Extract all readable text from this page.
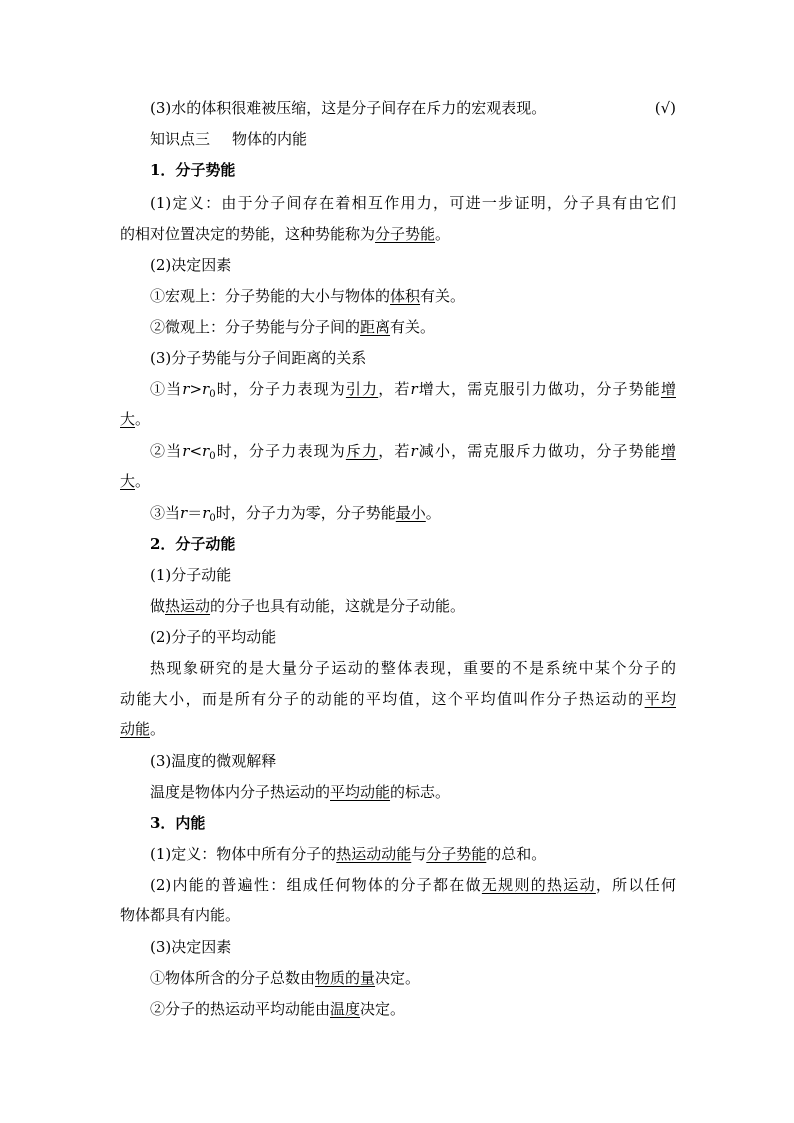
(3)水的体积很难被压缩，这是分子间存在斥力的宏观表现。	(√)
知识点三 物体的内能
1．分子势能
(1)定义：由于分子间存在着相互作用力，可进一步证明，分子具有由它们
的相对位置决定的势能，这种势能称为分子势能。
(2)决定因素
①宏观上：分子势能的大小与物体的体积有关。
②微观上：分子势能与分子间的距离有关。
(3)分子势能与分子间距离的关系
①当$r>r_0$时，分子力表现为引力，若r增大，需克服引力做功，分子势能增
大。
②当$r<r_0$时，分子力表现为斥力，若r减小，需克服斥力做功，分子势能增
大。
③当$r=r_0$时，分子力为零，分子势能最小。
2．分子动能
(1)分子动能
做热运动的分子也具有动能，这就是分子动能。
(2)分子的平均动能
热现象研究的是大量分子运动的整体表现，重要的不是系统中某个分子的
动能大小，而是所有分子的动能的平均值，这个平均值叫作分子热运动的平均
动能。
(3)温度的微观解释
温度是物体内分子热运动的平均动能的标志。
3．内能
(1)定义：物体中所有分子的热运动动能与分子势能的总和。
(2)内能的普遍性：组成任何物体的分子都在做无规则的热运动，所以任何
物体都具有内能。
(3)决定因素
①物体所含的分子总数由物质的量决定。
②分子的热运动平均动能由温度决定。
